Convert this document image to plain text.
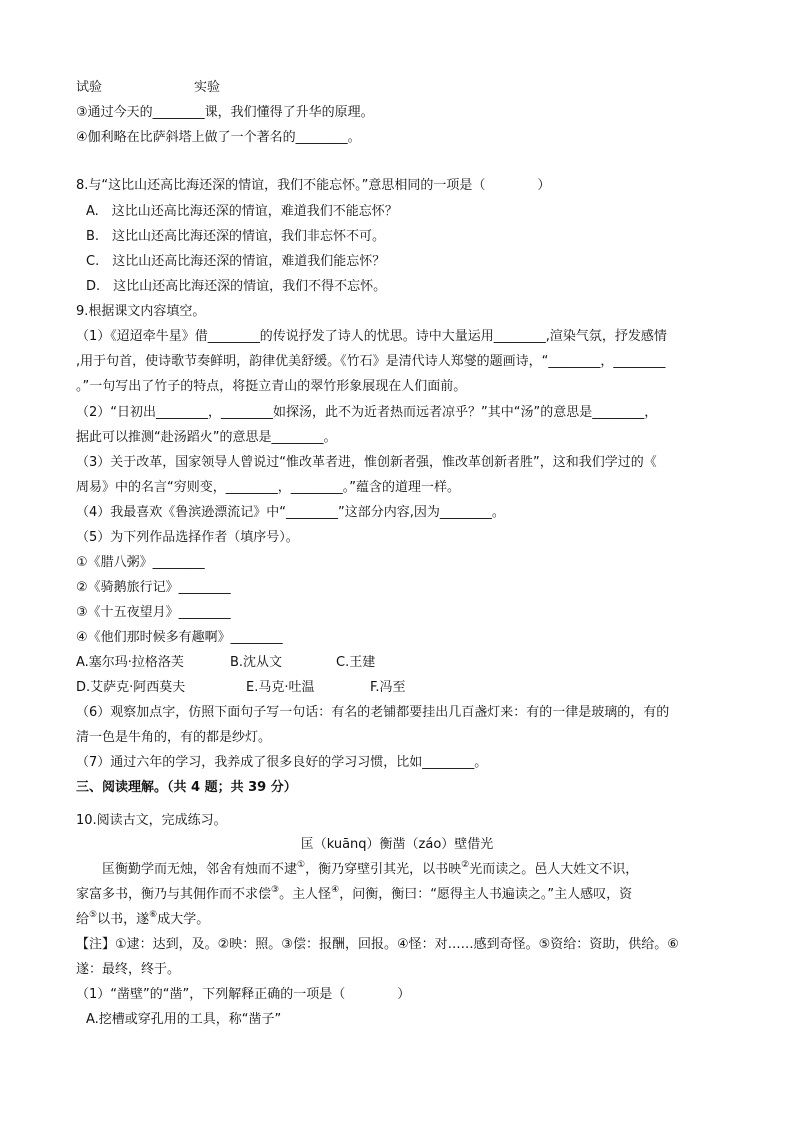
试验	实验
③通过今天的________课，我们懂得了升华的原理。
④伽利略在比萨斜塔上做了一个著名的________。
8.与“这比山还高比海还深的情谊，我们不能忘怀。”意思相同的一项是（　　　　）
A.　这比山还高比海还深的情谊，难道我们不能忘怀？
B.　这比山还高比海还深的情谊，我们非忘怀不可。
C.　这比山还高比海还深的情谊，难道我们能忘怀？
D.　这比山还高比海还深的情谊，我们不得不忘怀。
9.根据课文内容填空。
（1）《迢迢牵牛星》借________的传说抒发了诗人的忧思。诗中大量运用________,渲染气氛，抒发感情
,用于句首，使诗歌节奏鲜明，韵律优美舒缓。《竹石》是清代诗人郑燮的题画诗，“________，________
。”一句写出了竹子的特点，将挺立青山的翠竹形象展现在人们面前。
（2）“日初出________，________如探汤，此不为近者热而远者凉乎？”其中“汤”的意思是________，
据此可以推测“赴汤蹈火”的意思是________。
（3）关于改革，国家领导人曾说过“惟改革者进，惟创新者强，惟改革创新者胜”，这和我们学过的《
周易》中的名言“穷则变，________，________。”蕴含的道理一样。
（4）我最喜欢《鲁滨逊漂流记》中“________”这部分内容,因为________。
（5）为下列作品选择作者（填序号）。
①《腊八粥》________
②《骑鹅旅行记》________
③《十五夜望月》________
④《他们那时候多有趣啊》________
A.塞尔玛·拉格洛芙	B.沈从文	C.王建
D.艾萨克·阿西莫夫	E.马克·吐温	F.冯至
（6）观察加点字，仿照下面句子写一句话：有名的老铺都要挂出几百盏灯来：有的一律是玻璃的，有的
清一色是牛角的，有的都是纱灯。
（7）通过六年的学习，我养成了很多良好的学习习惯，比如________。
三、阅读理解。（共 4 题；共 39 分）
10.阅读古文，完成练习。
匡（kuānq）衡凿（záo）壁借光
　　匡衡勤学而无烛，邻舍有烛而不逮①，衡乃穿壁引其光，以书映②光而读之。邑人大姓文不识，
家富多书，衡乃与其佣作而不求偿③。主人怪④，问衡，衡曰：“愿得主人书遍读之。”主人感叹，资
给⑤以书，遂⑥成大学。
【注】①逮：达到，及。②映：照。③偿：报酬，回报。④怪：对……感到奇怪。⑤资给：资助，供给。⑥
遂：最终，终于。
（1）“凿壁”的“凿”，下列解释正确的一项是（　　　　）
A.挖槽或穿孔用的工具，称“凿子”
